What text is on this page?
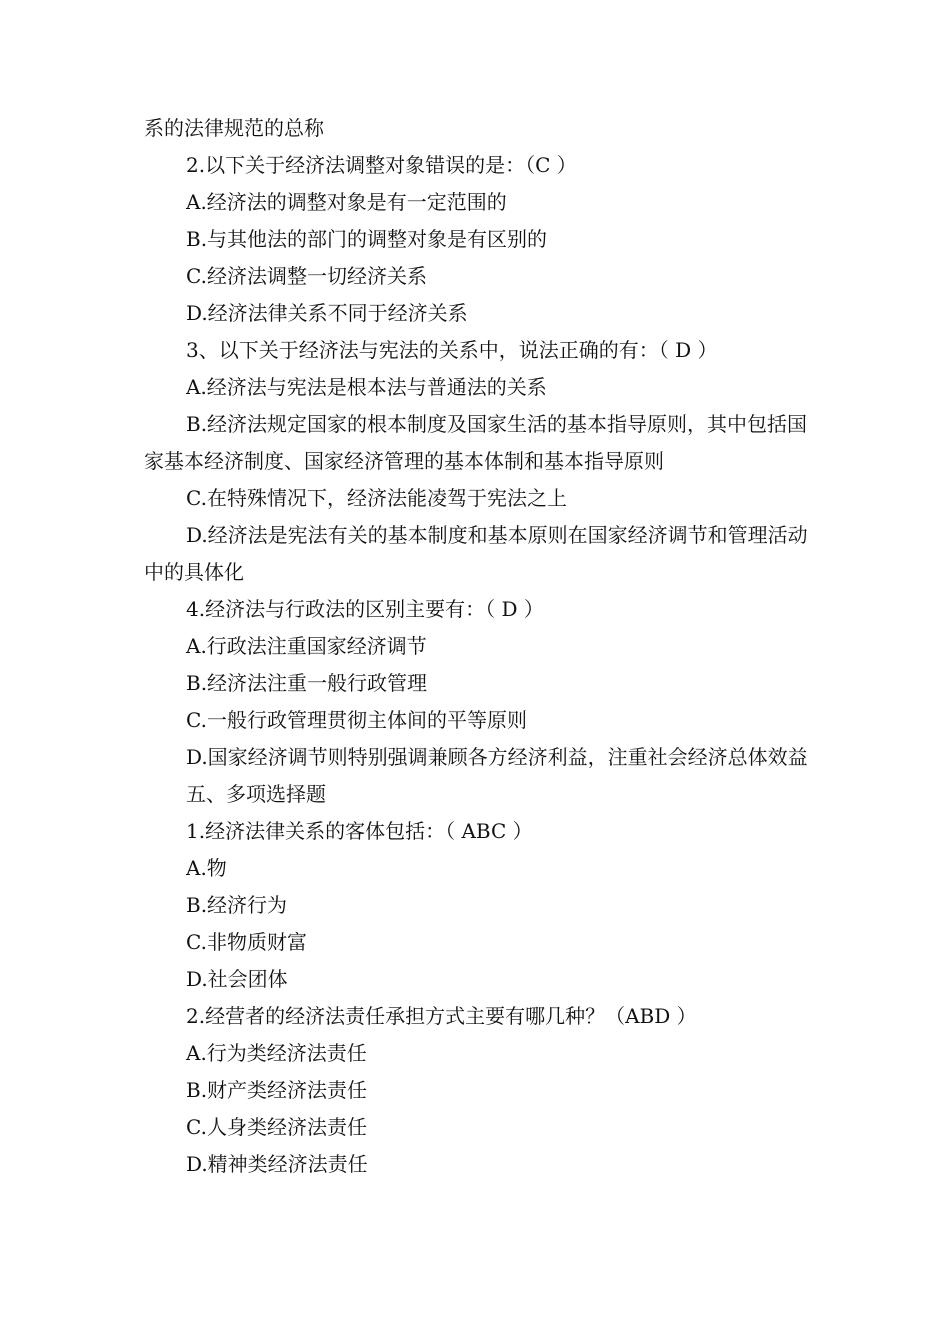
系的法律规范的总称
2.以下关于经济法调整对象错误的是：（C ）
A.经济法的调整对象是有一定范围的
B.与其他法的部门的调整对象是有区别的
C.经济法调整一切经济关系
D.经济法律关系不同于经济关系
3、以下关于经济法与宪法的关系中，说法正确的有：（ D ）
A.经济法与宪法是根本法与普通法的关系
B.经济法规定国家的根本制度及国家生活的基本指导原则，其中包括国家基本经济制度、国家经济管理的基本体制和基本指导原则
C.在特殊情况下，经济法能凌驾于宪法之上
D.经济法是宪法有关的基本制度和基本原则在国家经济调节和管理活动中的具体化
4.经济法与行政法的区别主要有：（ D ）
A.行政法注重国家经济调节
B.经济法注重一般行政管理
C.一般行政管理贯彻主体间的平等原则
D.国家经济调节则特别强调兼顾各方经济利益，注重社会经济总体效益
五、多项选择题
1.经济法律关系的客体包括：（ ABC ）
A.物
B.经济行为
C.非物质财富
D.社会团体
2.经营者的经济法责任承担方式主要有哪几种？（ABD ）
A.行为类经济法责任
B.财产类经济法责任
C.人身类经济法责任
D.精神类经济法责任
